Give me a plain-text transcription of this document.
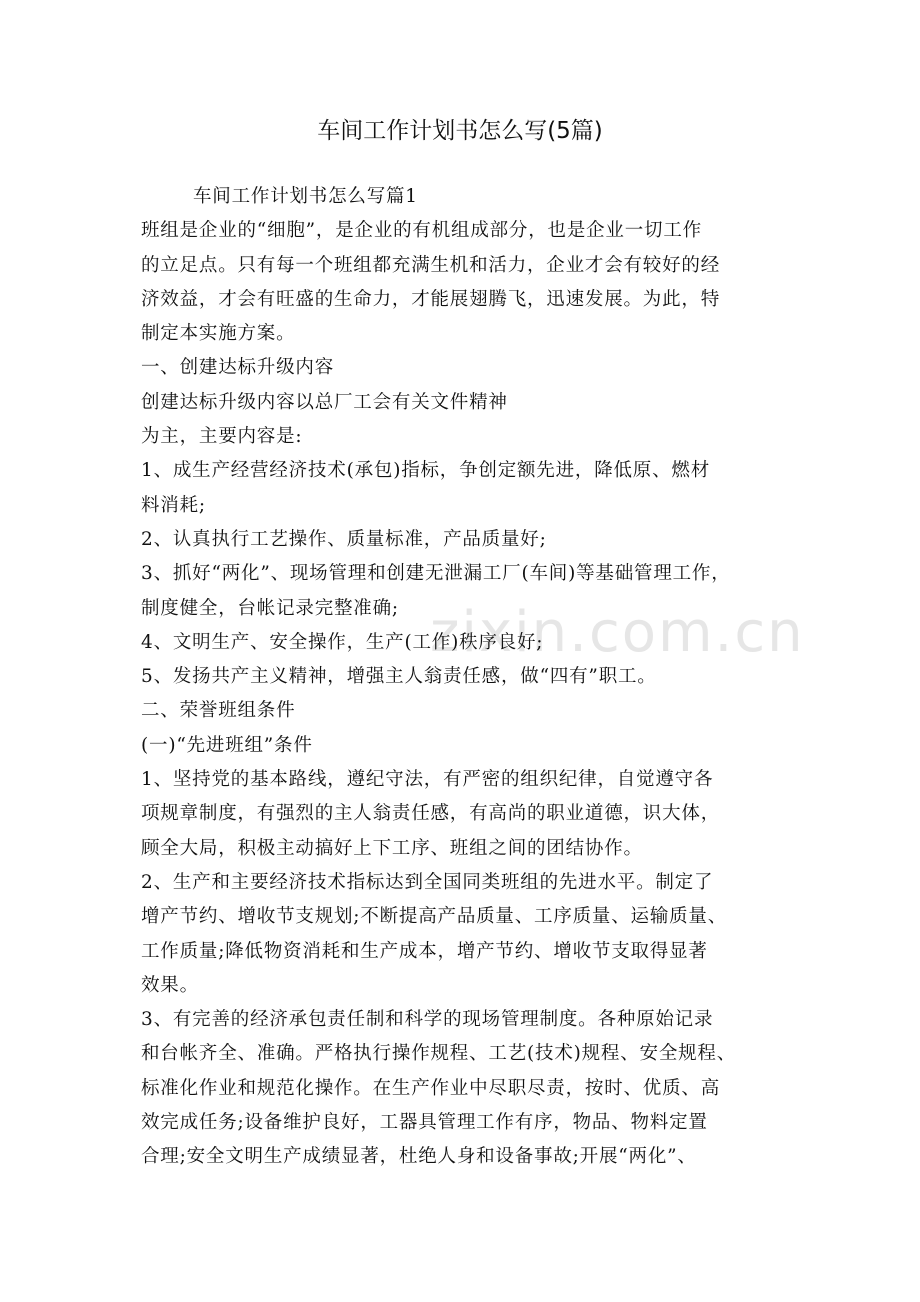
zixin.com.cn
车间工作计划书怎么写(5篇)
车间工作计划书怎么写篇1
班组是企业的“细胞”，是企业的有机组成部分，也是企业一切工作
的立足点。只有每一个班组都充满生机和活力，企业才会有较好的经
济效益，才会有旺盛的生命力，才能展翅腾飞，迅速发展。为此，特
制定本实施方案。
一、创建达标升级内容
创建达标升级内容以总厂工会有关文件精神
为主，主要内容是:
1、成生产经营经济技术(承包)指标，争创定额先进，降低原、燃材
料消耗;
2、认真执行工艺操作、质量标准，产品质量好;
3、抓好“两化”、现场管理和创建无泄漏工厂(车间)等基础管理工作，
制度健全，台帐记录完整准确;
4、文明生产、安全操作，生产(工作)秩序良好;
5、发扬共产主义精神，增强主人翁责任感，做“四有”职工。
二、荣誉班组条件
(一)“先进班组”条件
1、坚持党的基本路线，遵纪守法，有严密的组织纪律，自觉遵守各
项规章制度，有强烈的主人翁责任感，有高尚的职业道德，识大体，
顾全大局，积极主动搞好上下工序、班组之间的团结协作。
2、生产和主要经济技术指标达到全国同类班组的先进水平。制定了
增产节约、增收节支规划;不断提高产品质量、工序质量、运输质量、
工作质量;降低物资消耗和生产成本，增产节约、增收节支取得显著
效果。
3、有完善的经济承包责任制和科学的现场管理制度。各种原始记录
和台帐齐全、准确。严格执行操作规程、工艺(技术)规程、安全规程、
标准化作业和规范化操作。在生产作业中尽职尽责，按时、优质、高
效完成任务;设备维护良好，工器具管理工作有序，物品、物料定置
合理;安全文明生产成绩显著，杜绝人身和设备事故;开展“两化”、
